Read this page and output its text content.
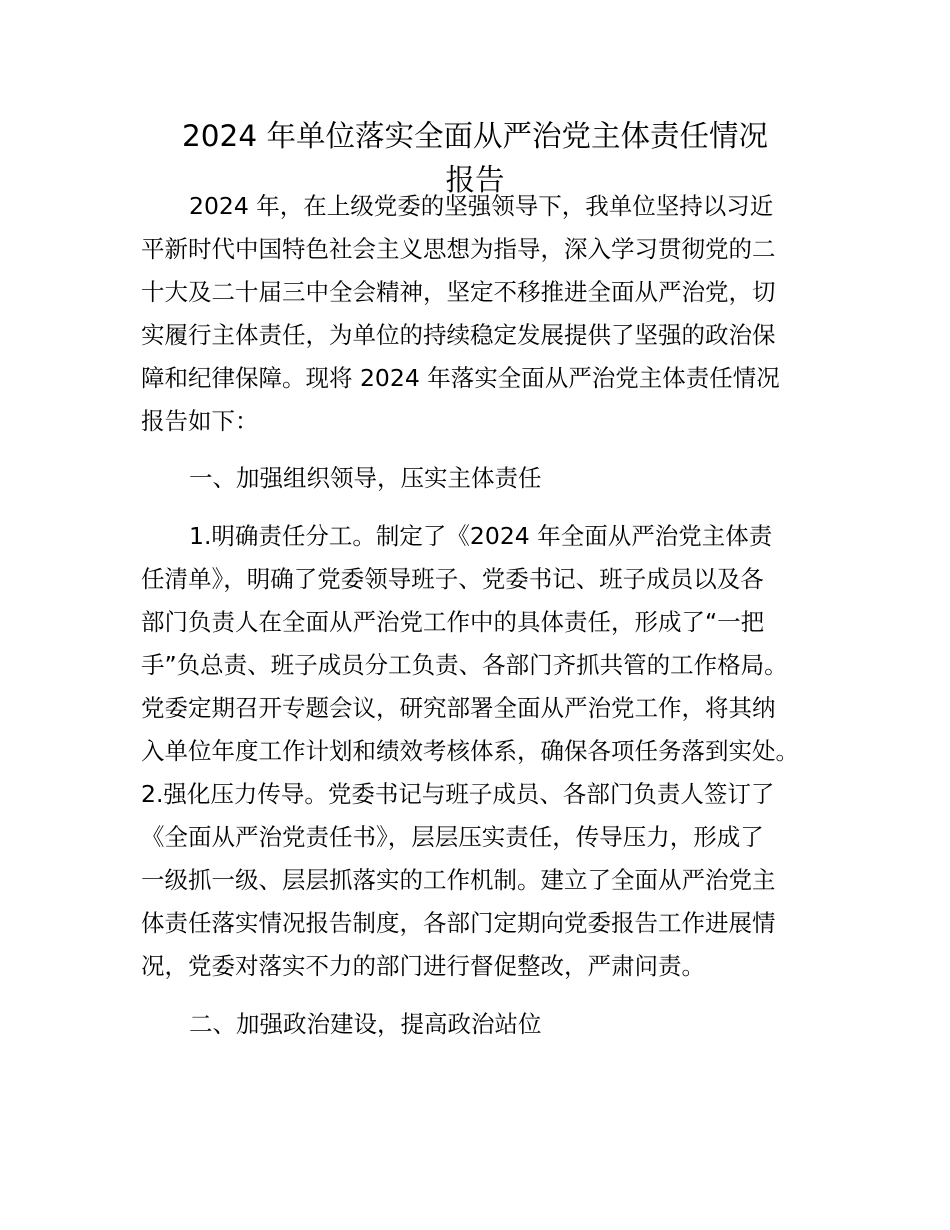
2024 年单位落实全面从严治党主体责任情况
报告
2024 年，在上级党委的坚强领导下，我单位坚持以习近
平新时代中国特色社会主义思想为指导，深入学习贯彻党的二
十大及二十届三中全会精神，坚定不移推进全面从严治党，切
实履行主体责任，为单位的持续稳定发展提供了坚强的政治保
障和纪律保障。现将 2024 年落实全面从严治党主体责任情况
报告如下：
一、加强组织领导，压实主体责任
1.明确责任分工。制定了《2024 年全面从严治党主体责
任清单》，明确了党委领导班子、党委书记、班子成员以及各
部门负责人在全面从严治党工作中的具体责任，形成了“一把
手”负总责、班子成员分工负责、各部门齐抓共管的工作格局。
党委定期召开专题会议，研究部署全面从严治党工作，将其纳
入单位年度工作计划和绩效考核体系，确保各项任务落到实处。
2.强化压力传导。党委书记与班子成员、各部门负责人签订了
《全面从严治党责任书》，层层压实责任，传导压力，形成了
一级抓一级、层层抓落实的工作机制。建立了全面从严治党主
体责任落实情况报告制度，各部门定期向党委报告工作进展情
况，党委对落实不力的部门进行督促整改，严肃问责。
二、加强政治建设，提高政治站位
